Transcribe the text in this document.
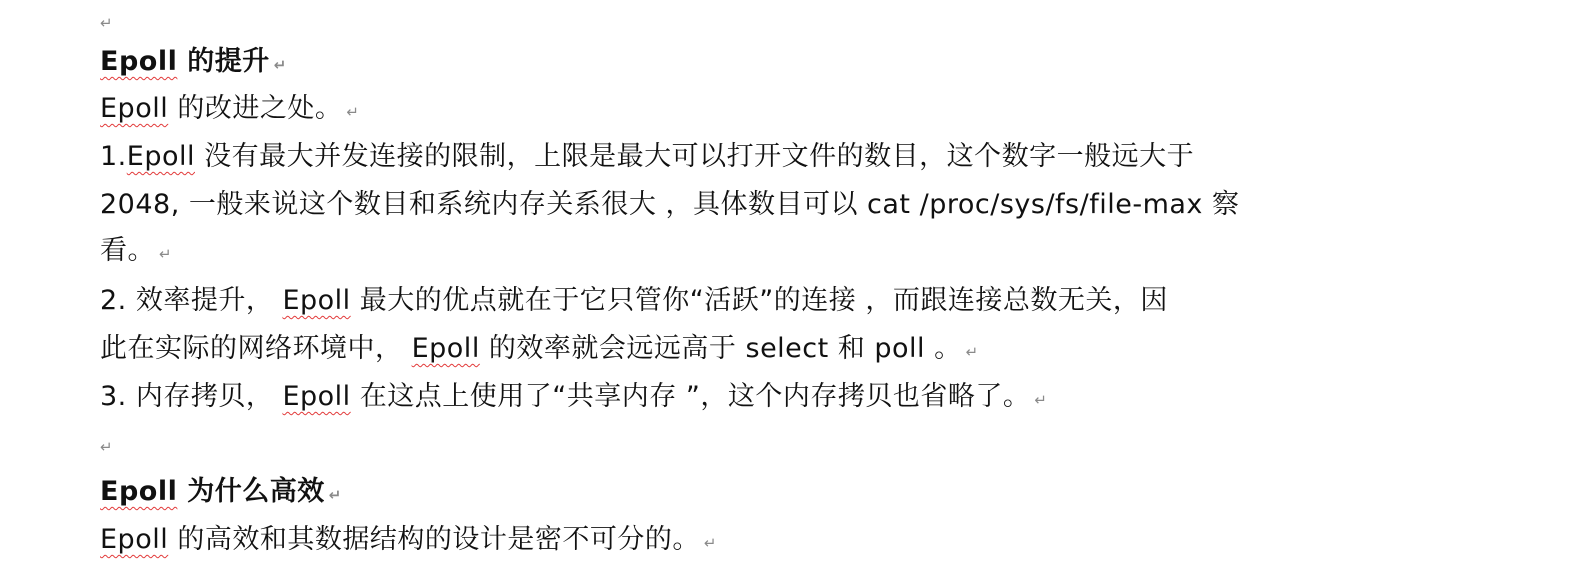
↵
Epoll 的提升 ↵
Epoll 的改进之处。 ↵
1.Epoll 没有最大并发连接的限制，上限是最大可以打开文件的数目，这个数字一般远大于
2048, 一般来说这个数目和系统内存关系很大 ，具体数目可以 cat /proc/sys/fs/file-max 察
看。 ↵
2. 效率提升， Epoll 最大的优点就在于它只管你“活跃”的连接 ，而跟连接总数无关，因
此在实际的网络环境中， Epoll 的效率就会远远高于 select 和 poll 。 ↵
3. 内存拷贝， Epoll 在这点上使用了“共享内存 ”，这个内存拷贝也省略了。 ↵
↵
Epoll 为什么高效 ↵
Epoll 的高效和其数据结构的设计是密不可分的。 ↵
